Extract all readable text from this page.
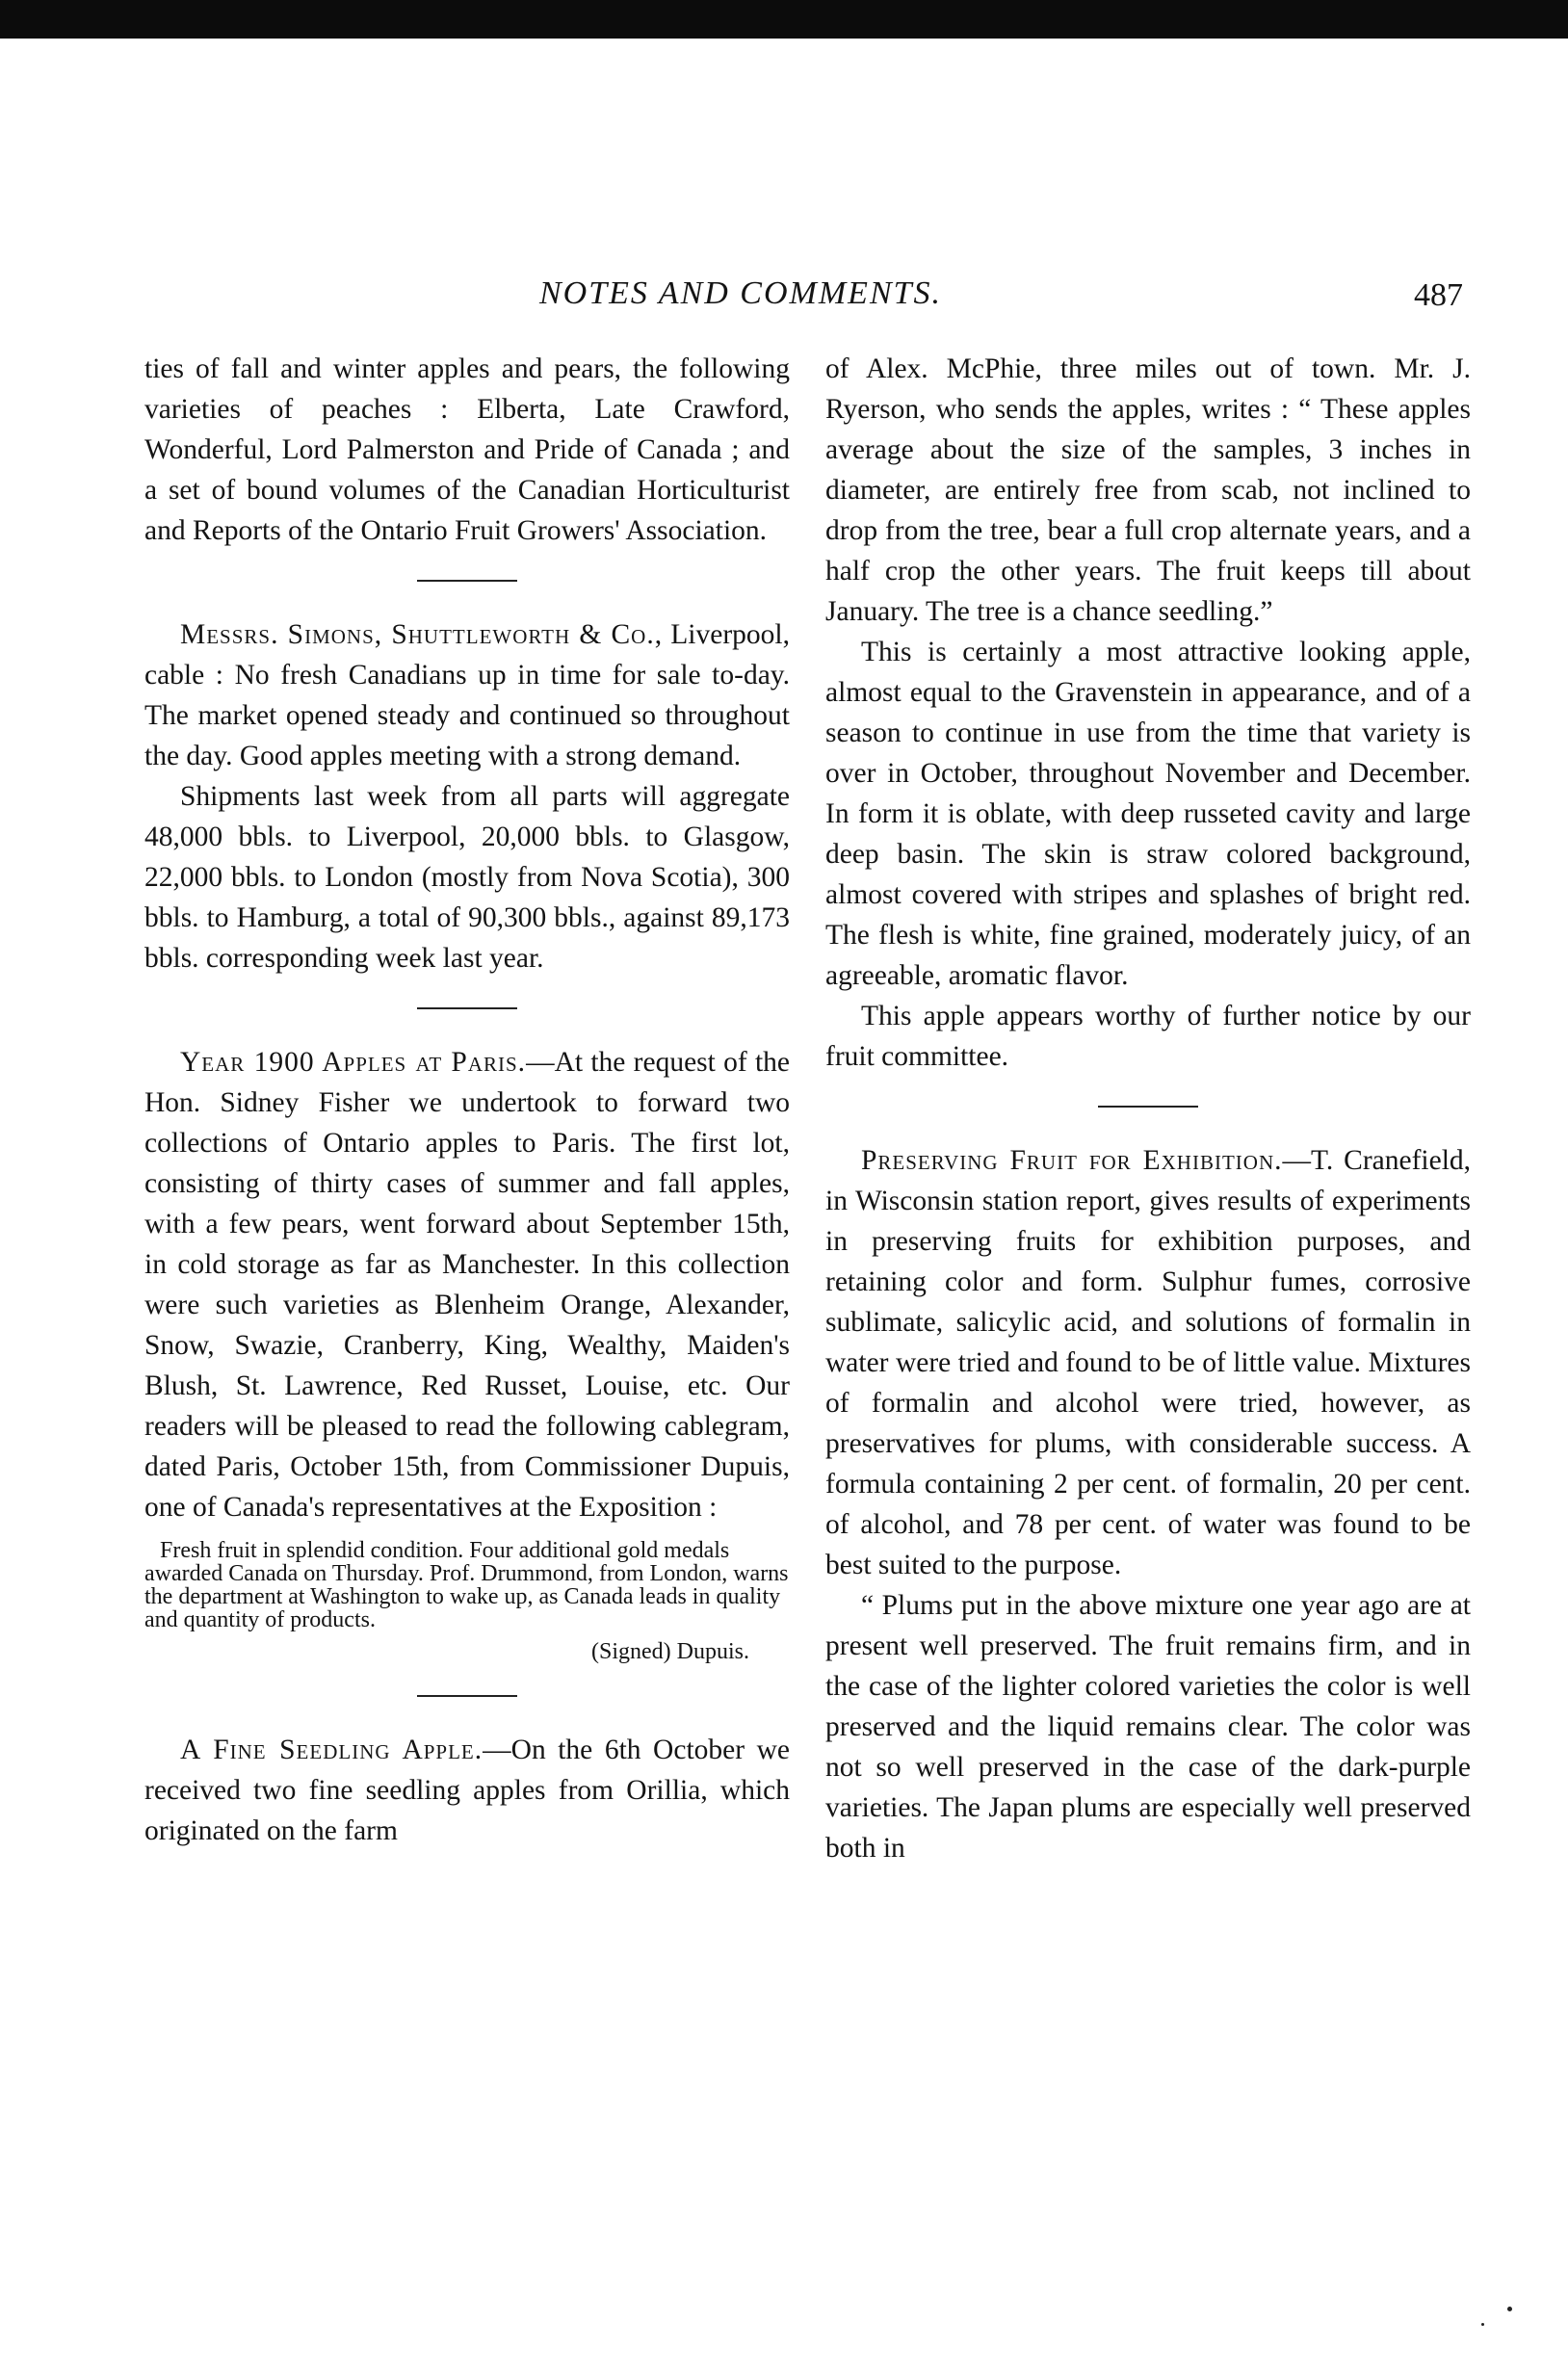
NOTES AND COMMENTS.	487

ties of fall and winter apples and pears, the following varieties of peaches : Elberta, Late Crawford, Wonderful, Lord Palmerston and Pride of Canada ; and a set of bound volumes of the Canadian Horticulturist and Reports of the Ontario Fruit Growers' Association.

Messrs. Simons, Shuttleworth & Co., Liverpool, cable : No fresh Canadians up in time for sale to-day. The market opened steady and continued so throughout the day. Good apples meeting with a strong demand.

Shipments last week from all parts will aggregate 48,000 bbls. to Liverpool, 20,000 bbls. to Glasgow, 22,000 bbls. to London (mostly from Nova Scotia), 300 bbls. to Hamburg, a total of 90,300 bbls., against 89,173 bbls. corresponding week last year.

Year 1900 Apples at Paris.—At the request of the Hon. Sidney Fisher we undertook to forward two collections of Ontario apples to Paris. The first lot, consisting of thirty cases of summer and fall apples, with a few pears, went forward about September 15th, in cold storage as far as Manchester. In this collection were such varieties as Blenheim Orange, Alexander, Snow, Swazie, Cranberry, King, Wealthy, Maiden's Blush, St. Lawrence, Red Russet, Louise, etc. Our readers will be pleased to read the following cablegram, dated Paris, October 15th, from Commissioner Dupuis, one of Canada's representatives at the Exposition :

Fresh fruit in splendid condition. Four additional gold medals awarded Canada on Thursday. Prof. Drummond, from London, warns the department at Washington to wake up, as Canada leads in quality and quantity of products.

(Signed) Dupuis.

A Fine Seedling Apple.—On the 6th October we received two fine seedling apples from Orillia, which originated on the farm

of Alex. McPhie, three miles out of town. Mr. J. Ryerson, who sends the apples, writes : “ These apples average about the size of the samples, 3 inches in diameter, are entirely free from scab, not inclined to drop from the tree, bear a full crop alternate years, and a half crop the other years. The fruit keeps till about January. The tree is a chance seedling.”

This is certainly a most attractive looking apple, almost equal to the Gravenstein in appearance, and of a season to continue in use from the time that variety is over in October, throughout November and December. In form it is oblate, with deep russeted cavity and large deep basin. The skin is straw colored background, almost covered with stripes and splashes of bright red. The flesh is white, fine grained, moderately juicy, of an agreeable, aromatic flavor.

This apple appears worthy of further notice by our fruit committee.

Preserving Fruit for Exhibition.—T. Cranefield, in Wisconsin station report, gives results of experiments in preserving fruits for exhibition purposes, and retaining color and form. Sulphur fumes, corrosive sublimate, salicylic acid, and solutions of formalin in water were tried and found to be of little value. Mixtures of formalin and alcohol were tried, however, as preservatives for plums, with considerable success. A formula containing 2 per cent. of formalin, 20 per cent. of alcohol, and 78 per cent. of water was found to be best suited to the purpose.

“ Plums put in the above mixture one year ago are at present well preserved. The fruit remains firm, and in the case of the lighter colored varieties the color is well preserved and the liquid remains clear. The color was not so well preserved in the case of the dark-purple varieties. The Japan plums are especially well preserved both in
